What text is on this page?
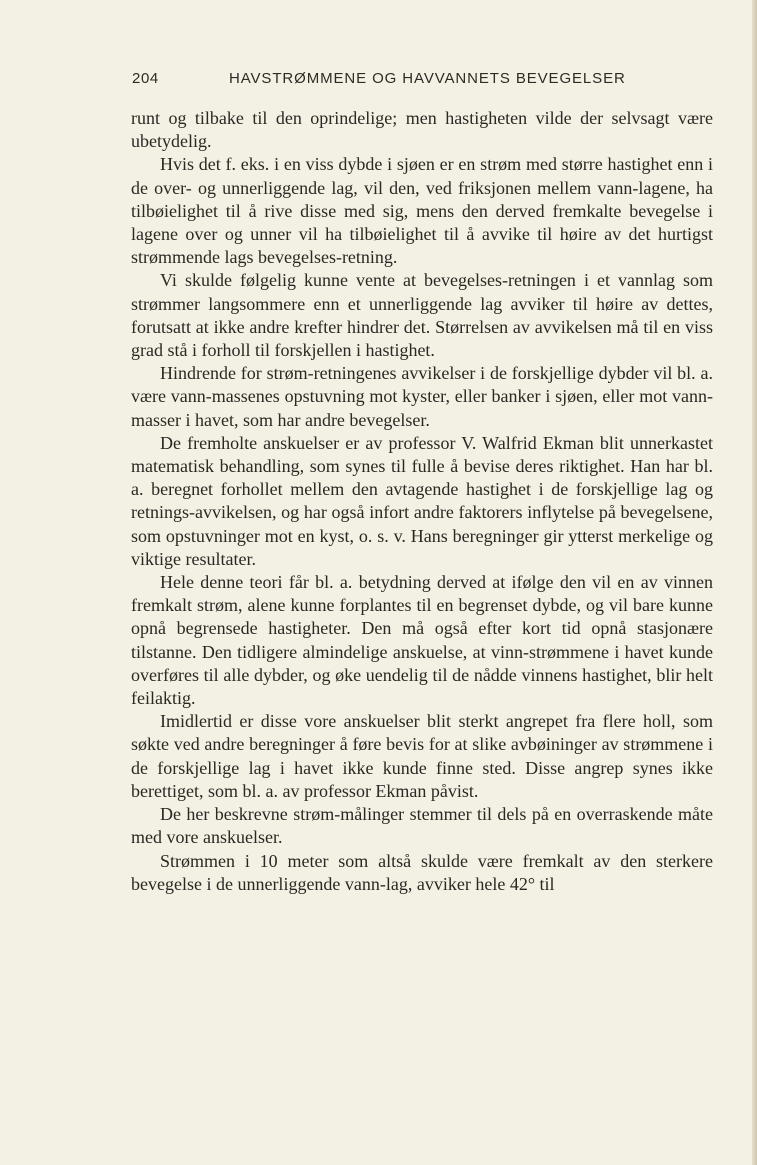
204	HAVSTRØMMENE OG HAVVANNETS BEVEGELSER

runt og tilbake til den oprindelige; men hastigheten vilde der selvsagt være ubetydelig.

Hvis det f. eks. i en viss dybde i sjøen er en strøm med større hastighet enn i de over- og unnerliggende lag, vil den, ved friksjonen mellem vann-lagene, ha tilbøielighet til å rive disse med sig, mens den derved fremkalte bevegelse i lagene over og unner vil ha tilbøielighet til å avvike til høire av det hurtigst strømmende lags bevegelses-retning.

Vi skulde følgelig kunne vente at bevegelses-retningen i et vannlag som strømmer langsommere enn et unnerliggende lag avviker til høire av dettes, forutsatt at ikke andre krefter hindrer det. Størrelsen av avvikelsen må til en viss grad stå i forholl til forskjellen i hastighet.

Hindrende for strøm-retningenes avvikelser i de forskjellige dybder vil bl. a. være vann-massenes opstuvning mot kyster, eller banker i sjøen, eller mot vann-masser i havet, som har andre bevegelser.

De fremholte anskuelser er av professor V. Walfrid Ekman blit unnerkastet matematisk behandling, som synes til fulle å bevise deres riktighet. Han har bl. a. beregnet forhollet mellem den avtagende hastighet i de forskjellige lag og retnings-avvikelsen, og har også infort andre faktorers inflytelse på bevegelsene, som opstuvninger mot en kyst, o. s. v. Hans beregninger gir ytterst merkelige og viktige resultater.

Hele denne teori får bl. a. betydning derved at ifølge den vil en av vinnen fremkalt strøm, alene kunne forplantes til en begrenset dybde, og vil bare kunne opnå begrensede hastigheter. Den må også efter kort tid opnå stasjonære tilstanne. Den tidligere almindelige anskuelse, at vinn-strømmene i havet kunde overføres til alle dybder, og øke uendelig til de nådde vinnens hastighet, blir helt feilaktig.

Imidlertid er disse vore anskuelser blit sterkt angrepet fra flere holl, som søkte ved andre beregninger å føre bevis for at slike avbøininger av strømmene i de forskjellige lag i havet ikke kunde finne sted. Disse angrep synes ikke berettiget, som bl. a. av professor Ekman påvist.

De her beskrevne strøm-målinger stemmer til dels på en overraskende måte med vore anskuelser.

Strømmen i 10 meter som altså skulde være fremkalt av den sterkere bevegelse i de unnerliggende vann-lag, avviker hele 42° til
